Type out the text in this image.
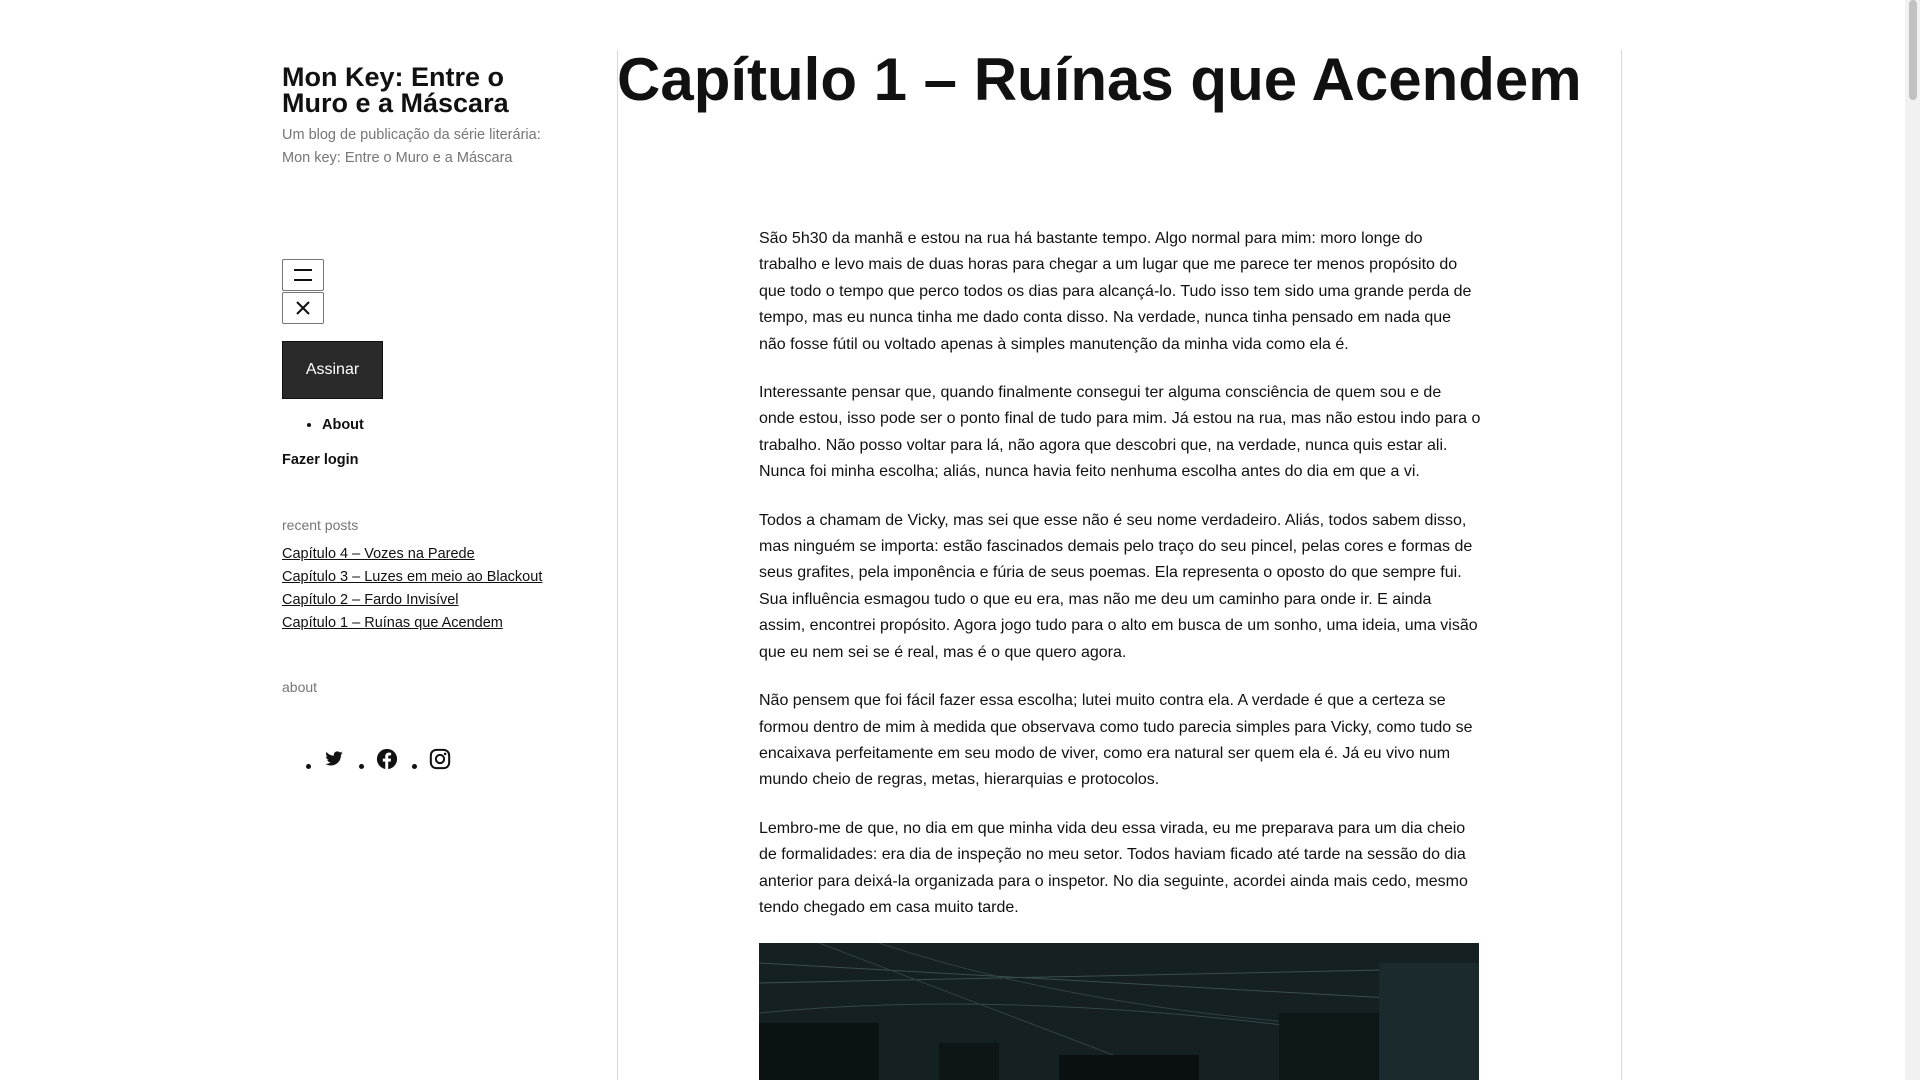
Mon Key: Entre o Muro e a Máscara
Um blog de publicação da série literária: Mon key: Entre o Muro e a Máscara
Assinar
• About
Fazer login
recent posts
Capítulo 4 – Vozes na Parede
Capítulo 3 – Luzes em meio ao Blackout
Capítulo 2 – Fardo Invisível
Capítulo 1 – Ruínas que Acendem
about
Capítulo 1 – Ruínas que Acendem

São 5h30 da manhã e estou na rua há bastante tempo. Algo normal para mim: moro longe do trabalho e levo mais de duas horas para chegar a um lugar que me parece ter menos propósito do que todo o tempo que perco todos os dias para alcançá-lo. Tudo isso tem sido uma grande perda de tempo, mas eu nunca tinha me dado conta disso. Na verdade, nunca tinha pensado em nada que não fosse fútil ou voltado apenas à simples manutenção da minha vida como ela é.

Interessante pensar que, quando finalmente consegui ter alguma consciência de quem sou e de onde estou, isso pode ser o ponto final de tudo para mim. Já estou na rua, mas não estou indo para o trabalho. Não posso voltar para lá, não agora que descobri que, na verdade, nunca quis estar ali. Nunca foi minha escolha; aliás, nunca havia feito nenhuma escolha antes do dia em que a vi.

Todos a chamam de Vicky, mas sei que esse não é seu nome verdadeiro. Aliás, todos sabem disso, mas ninguém se importa: estão fascinados demais pelo traço do seu pincel, pelas cores e formas de seus grafites, pela imponência e fúria de seus poemas. Ela representa o oposto do que sempre fui. Sua influência esmagou tudo o que eu era, mas não me deu um caminho para onde ir. E ainda assim, encontrei propósito. Agora jogo tudo para o alto em busca de um sonho, uma ideia, uma visão que eu nem sei se é real, mas é o que quero agora.

Não pensem que foi fácil fazer essa escolha; lutei muito contra ela. A verdade é que a certeza se formou dentro de mim à medida que observava como tudo parecia simples para Vicky, como tudo se encaixava perfeitamente em seu modo de viver, como era natural ser quem ela é. Já eu vivo num mundo cheio de regras, metas, hierarquias e protocolos.

Lembro-me de que, no dia em que minha vida deu essa virada, eu me preparava para um dia cheio de formalidades: era dia de inspeção no meu setor. Todos haviam ficado até tarde na sessão do dia anterior para deixá-la organizada para o inspetor. No dia seguinte, acordei ainda mais cedo, mesmo tendo chegado em casa muito tarde.
